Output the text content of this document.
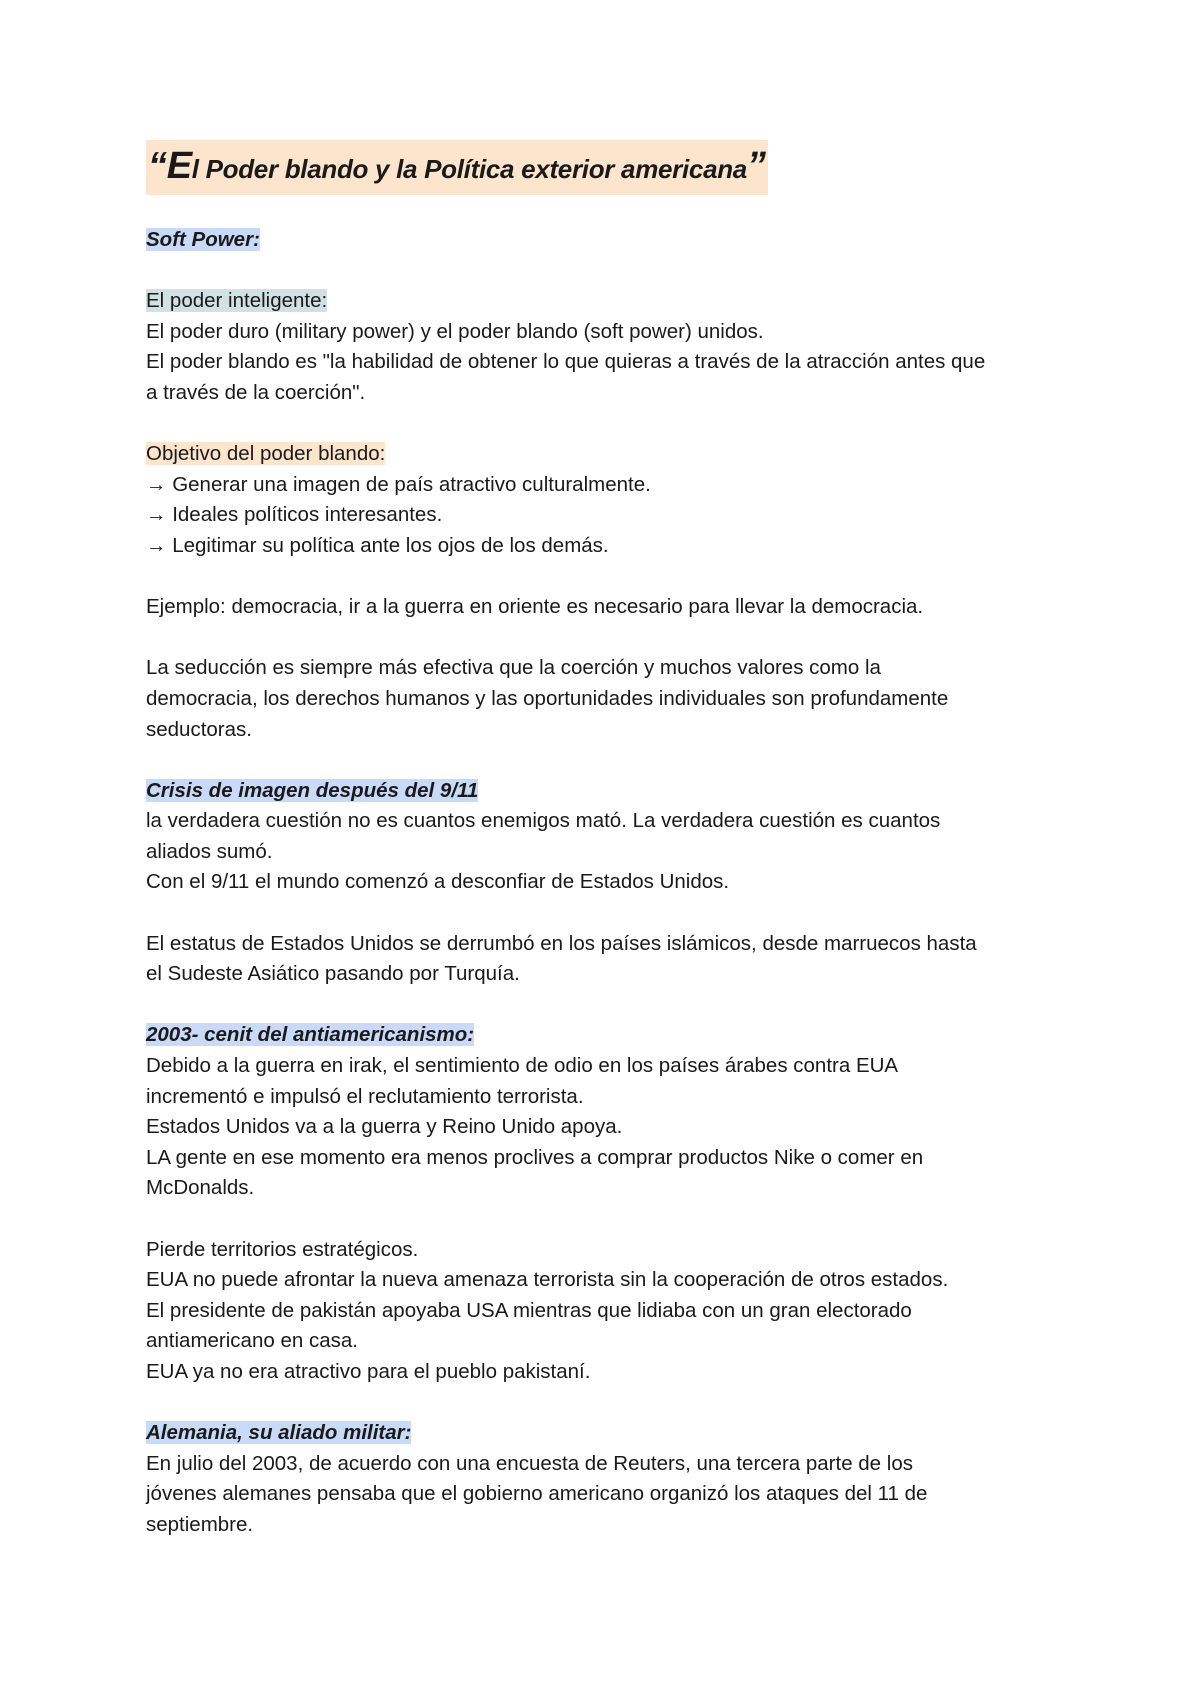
“El Poder blando y la Política exterior americana”
Soft Power:
El poder inteligente:
El poder duro (military power) y el poder blando (soft power) unidos.
El poder blando es "la habilidad de obtener lo que quieras a través de la atracción antes que
a través de la coerción".
Objetivo del poder blando:
→ Generar una imagen de país atractivo culturalmente.
→ Ideales políticos interesantes.
→ Legitimar su política ante los ojos de los demás.
Ejemplo: democracia, ir a la guerra en oriente es necesario para llevar la democracia.
La seducción es siempre más efectiva que la coerción y muchos valores como la
democracia, los derechos humanos y las oportunidades individuales son profundamente
seductoras.
Crisis de imagen después del 9/11
la verdadera cuestión no es cuantos enemigos mató. La verdadera cuestión es cuantos
aliados sumó.
Con el 9/11 el mundo comenzó a desconfiar de Estados Unidos.
El estatus de Estados Unidos se derrumbó en los países islámicos, desde marruecos hasta
el Sudeste Asiático pasando por Turquía.
2003- cenit del antiamericanismo:
Debido a la guerra en irak, el sentimiento de odio en los países árabes contra EUA
incrementó e impulsó el reclutamiento terrorista.
Estados Unidos va a la guerra y Reino Unido apoya.
LA gente en ese momento era menos proclives a comprar productos Nike o comer en
McDonalds.
Pierde territorios estratégicos.
EUA no puede afrontar la nueva amenaza terrorista sin la cooperación de otros estados.
El presidente de pakistán apoyaba USA mientras que lidiaba con un gran electorado
antiamericano en casa.
EUA ya no era atractivo para el pueblo pakistaní.
Alemania, su aliado militar:
En julio del 2003, de acuerdo con una encuesta de Reuters, una tercera parte de los
jóvenes alemanes pensaba que el gobierno americano organizó los ataques del 11 de
septiembre.
